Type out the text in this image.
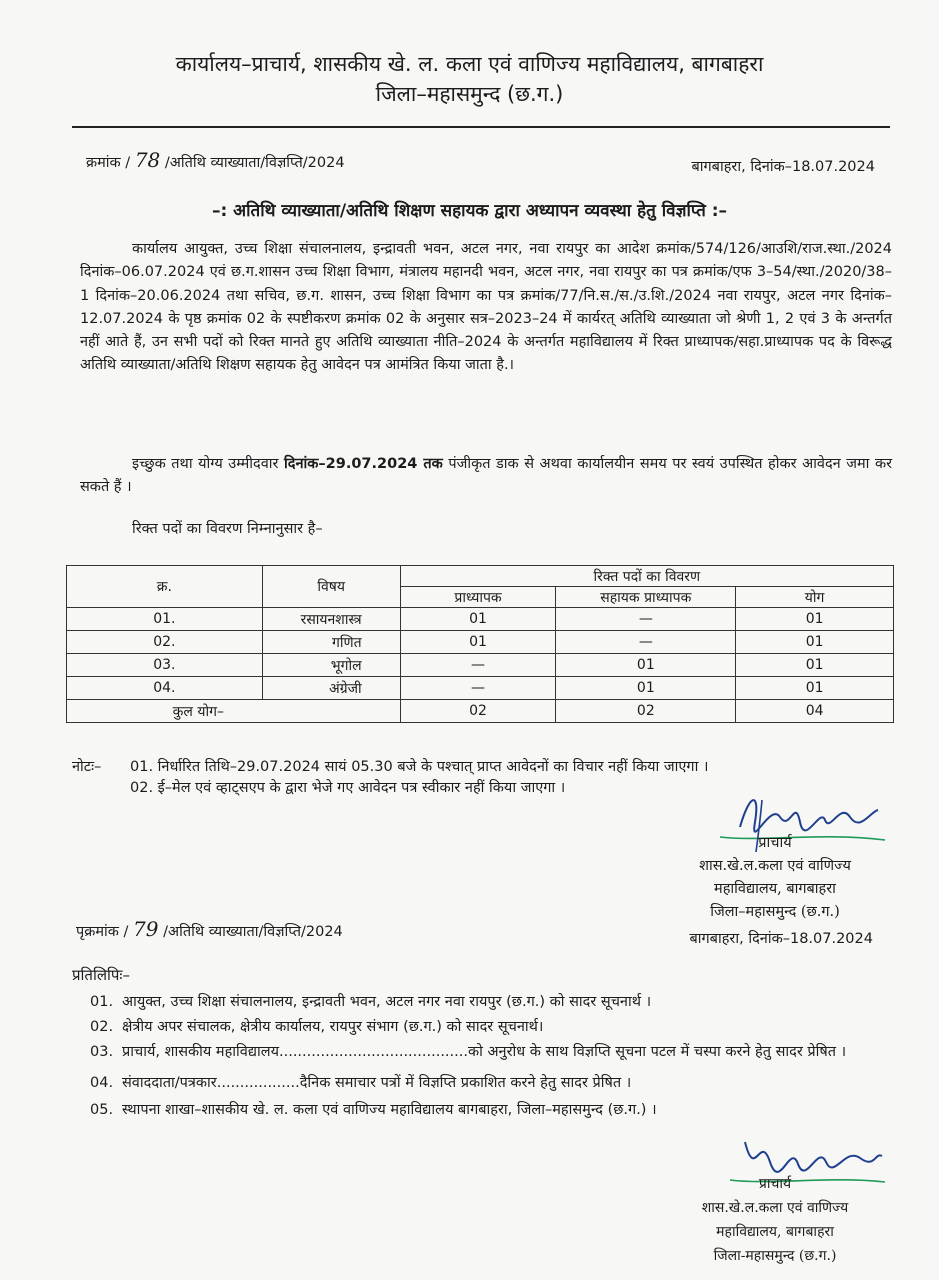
कार्यालय–प्राचार्य, शासकीय खे. ल. कला एवं वाणिज्य महाविद्यालय, बागबाहरा
जिला–महासमुन्द (छ.ग.)
क्रमांक / 78 /अतिथि व्याख्याता/विज्ञप्ति/2024	बागबाहरा, दिनांक–18.07.2024
–: अतिथि व्याख्याता/अतिथि शिक्षण सहायक द्वारा अध्यापन व्यवस्था हेतु विज्ञप्ति :–
कार्यालय आयुक्त, उच्च शिक्षा संचालनालय, इन्द्रावती भवन, अटल नगर, नवा रायपुर का आदेश क्रमांक/574/126/आउशि/राज.स्था./2024 दिनांक–06.07.2024 एवं छ.ग.शासन उच्च शिक्षा विभाग, मंत्रालय महानदी भवन, अटल नगर, नवा रायपुर का पत्र क्रमांक/एफ 3–54/स्था./2020/38–1 दिनांक–20.06.2024 तथा सचिव, छ.ग. शासन, उच्च शिक्षा विभाग का पत्र क्रमांक/77/नि.स./स./उ.शि./2024 नवा रायपुर, अटल नगर दिनांक–12.07.2024 के पृष्ठ क्रमांक 02 के स्पष्टीकरण क्रमांक 02 के अनुसार सत्र–2023–24 में कार्यरत् अतिथि व्याख्याता जो श्रेणी 1, 2 एवं 3 के अन्तर्गत नहीं आते हैं, उन सभी पदों को रिक्त मानते हुए अतिथि व्याख्याता नीति–2024 के अन्तर्गत महाविद्यालय में रिक्त प्राध्यापक/सहा.प्राध्यापक पद के विरूद्ध अतिथि व्याख्याता/अतिथि शिक्षण सहायक हेतु आवेदन पत्र आमंत्रित किया जाता है.।
इच्छुक तथा योग्य उम्मीदवार दिनांक–29.07.2024 तक पंजीकृत डाक से अथवा कार्यालयीन समय पर स्वयं उपस्थित होकर आवेदन जमा कर सकते हैं ।
रिक्त पदों का विवरण निम्नानुसार है–
क्र.	विषय	रिक्त पदों का विवरण		
		प्राध्यापक	सहायक प्राध्यापक	योग
01.	रसायनशास्त्र	01	—	01
02.	गणित	01	—	01
03.	भूगोल	—	01	01
04.	अंग्रेजी	—	01	01
कुल योग–		02	02	04
नोटः– 01. निर्धारित तिथि–29.07.2024 सायं 05.30 बजे के पश्चात् प्राप्त आवेदनों का विचार नहीं किया जाएगा ।
02. ई–मेल एवं व्हाट्सएप के द्वारा भेजे गए आवेदन पत्र स्वीकार नहीं किया जाएगा ।
प्राचार्य
शास.खे.ल.कला एवं वाणिज्य
महाविद्यालय, बागबाहरा
जिला–महासमुन्द (छ.ग.)
पृक्रमांक / 79 /अतिथि व्याख्याता/विज्ञप्ति/2024	बागबाहरा, दिनांक–18.07.2024
प्रतिलिपिः–
01. आयुक्त, उच्च शिक्षा संचालनालय, इन्द्रावती भवन, अटल नगर नवा रायपुर (छ.ग.) को सादर सूचनार्थ ।
02. क्षेत्रीय अपर संचालक, क्षेत्रीय कार्यालय, रायपुर संभाग (छ.ग.) को सादर सूचनार्थ।
03. प्राचार्य, शासकीय महाविद्यालय.........................................को अनुरोध के साथ विज्ञप्ति सूचना पटल में चस्पा करने हेतु सादर प्रेषित ।
04. संवाददाता/पत्रकार..................दैनिक समाचार पत्रों में विज्ञप्ति प्रकाशित करने हेतु सादर प्रेषित ।
05. स्थापना शाखा–शासकीय खे. ल. कला एवं वाणिज्य महाविद्यालय बागबाहरा, जिला–महासमुन्द (छ.ग.) ।
प्राचार्य
शास.खे.ल.कला एवं वाणिज्य
महाविद्यालय, बागबाहरा
जिला-महासमुन्द (छ.ग.)
